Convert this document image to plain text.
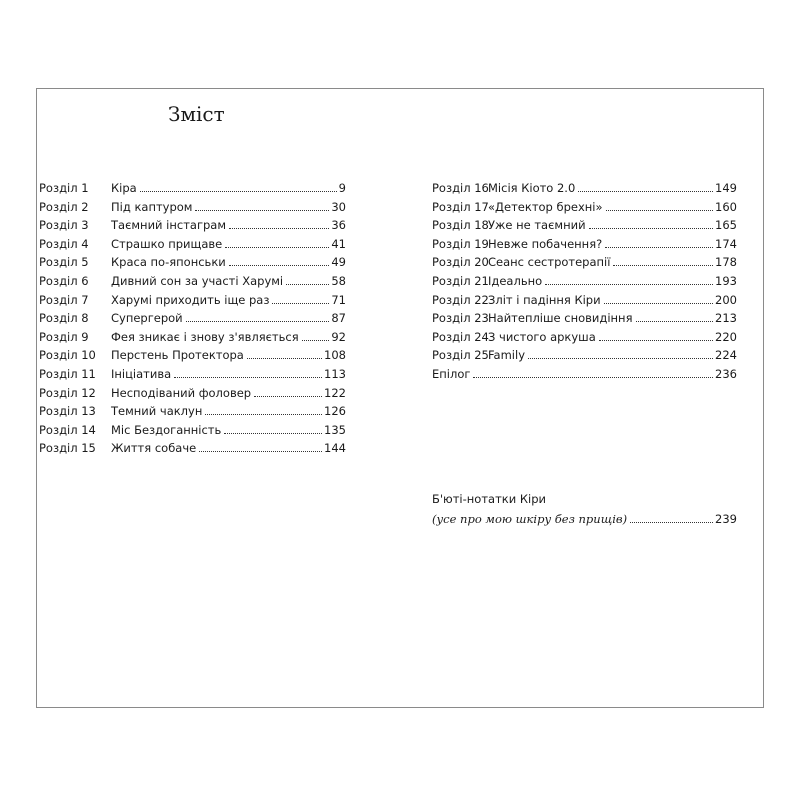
Зміст
Розділ 1	Кіра	9
Розділ 2	Під каптуром	30
Розділ 3	Таємний інстаграм	36
Розділ 4	Страшко прищаве	41
Розділ 5	Краса по-японськи	49
Розділ 6	Дивний сон за участі Харумі	58
Розділ 7	Харумі приходить іще раз	71
Розділ 8	Супергерой	87
Розділ 9	Фея зникає і знову з'являється	92
Розділ 10	Перстень Протектора	108
Розділ 11	Ініціатива	113
Розділ 12	Несподіваний фоловер	122
Розділ 13	Темний чаклун	126
Розділ 14	Міс Бездоганність	135
Розділ 15	Життя собаче	144
Розділ 16 Місія Кіото 2.0	149
Розділ 17 «Детектор брехні»	160
Розділ 18 Уже не таємний	165
Розділ 19 Невже побачення?	174
Розділ 20 Сеанс сестротерапії	178
Розділ 21 Ідеально	193
Розділ 22 Зліт і падіння Кіри	200
Розділ 23 Найтепліше сновидіння	213
Розділ 24 З чистого аркуша	220
Розділ 25 Family	224
Епілог	236
Б'юті-нотатки Кіри
(усе про мою шкіру без прищів)	239
